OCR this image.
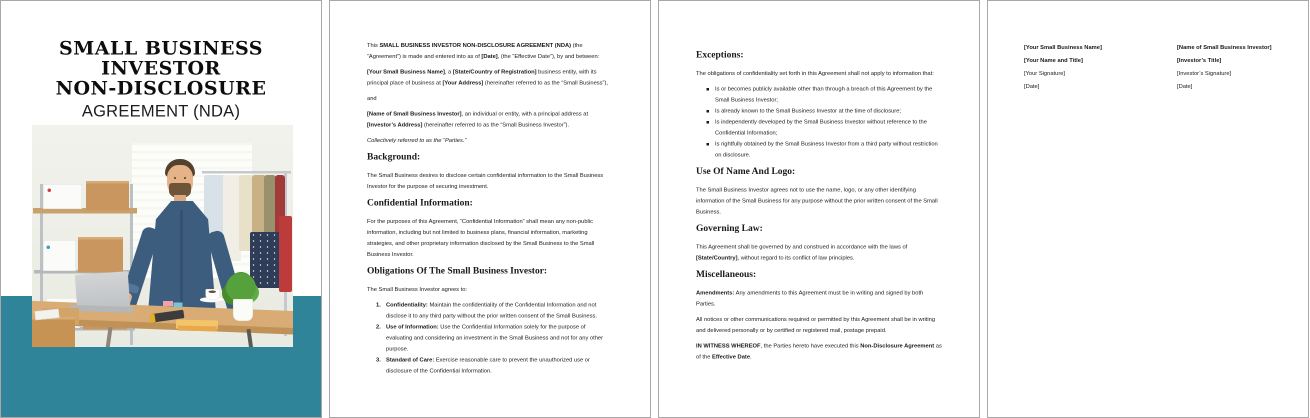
SMALL BUSINESS
INVESTOR
NON-DISCLOSURE
AGREEMENT (NDA)
This SMALL BUSINESS INVESTOR NON-DISCLOSURE AGREEMENT (NDA) (the “Agreement”) is made and entered into as of [Date], (the “Effective Date”), by and between:
[Your Small Business Name], a [State/Country of Registration] business entity, with its principal place of business at [Your Address] (hereinafter referred to as the “Small Business”),
and
[Name of Small Business Investor], an individual or entity, with a principal address at [Investor’s Address] (hereinafter referred to as the “Small Business Investor”).
Collectively referred to as the “Parties.”
Background:
The Small Business desires to disclose certain confidential information to the Small Business Investor for the purpose of securing investment.
Confidential Information:
For the purposes of this Agreement, “Confidential Information” shall mean any non-public information, including but not limited to business plans, financial information, marketing strategies, and other proprietary information disclosed by the Small Business to the Small Business Investor.
Obligations Of The Small Business Investor:
The Small Business Investor agrees to:
1. Confidentiality: Maintain the confidentiality of the Confidential Information and not disclose it to any third party without the prior written consent of the Small Business.
2. Use of Information: Use the Confidential Information solely for the purpose of evaluating and considering an investment in the Small Business and not for any other purpose.
3. Standard of Care: Exercise reasonable care to prevent the unauthorized use or disclosure of the Confidential Information.
Exceptions:
The obligations of confidentiality set forth in this Agreement shall not apply to information that:
Is or becomes publicly available other than through a breach of this Agreement by the Small Business Investor;
Is already known to the Small Business Investor at the time of disclosure;
Is independently developed by the Small Business Investor without reference to the Confidential Information;
Is rightfully obtained by the Small Business Investor from a third party without restriction on disclosure.
Use Of Name And Logo:
The Small Business Investor agrees not to use the name, logo, or any other identifying information of the Small Business for any purpose without the prior written consent of the Small Business.
Governing Law:
This Agreement shall be governed by and construed in accordance with the laws of [State/Country], without regard to its conflict of law principles.
Miscellaneous:
Amendments: Any amendments to this Agreement must be in writing and signed by both Parties.
All notices or other communications required or permitted by this Agreement shall be in writing and delivered personally or by certified or registered mail, postage prepaid.
IN WITNESS WHEREOF, the Parties hereto have executed this Non-Disclosure Agreement as of the Effective Date.
[Your Small Business Name]
[Your Name and Title]
[Your Signature]
[Date]
[Name of Small Business Investor]
[Investor’s Title]
[Investor’s Signature]
[Date]
